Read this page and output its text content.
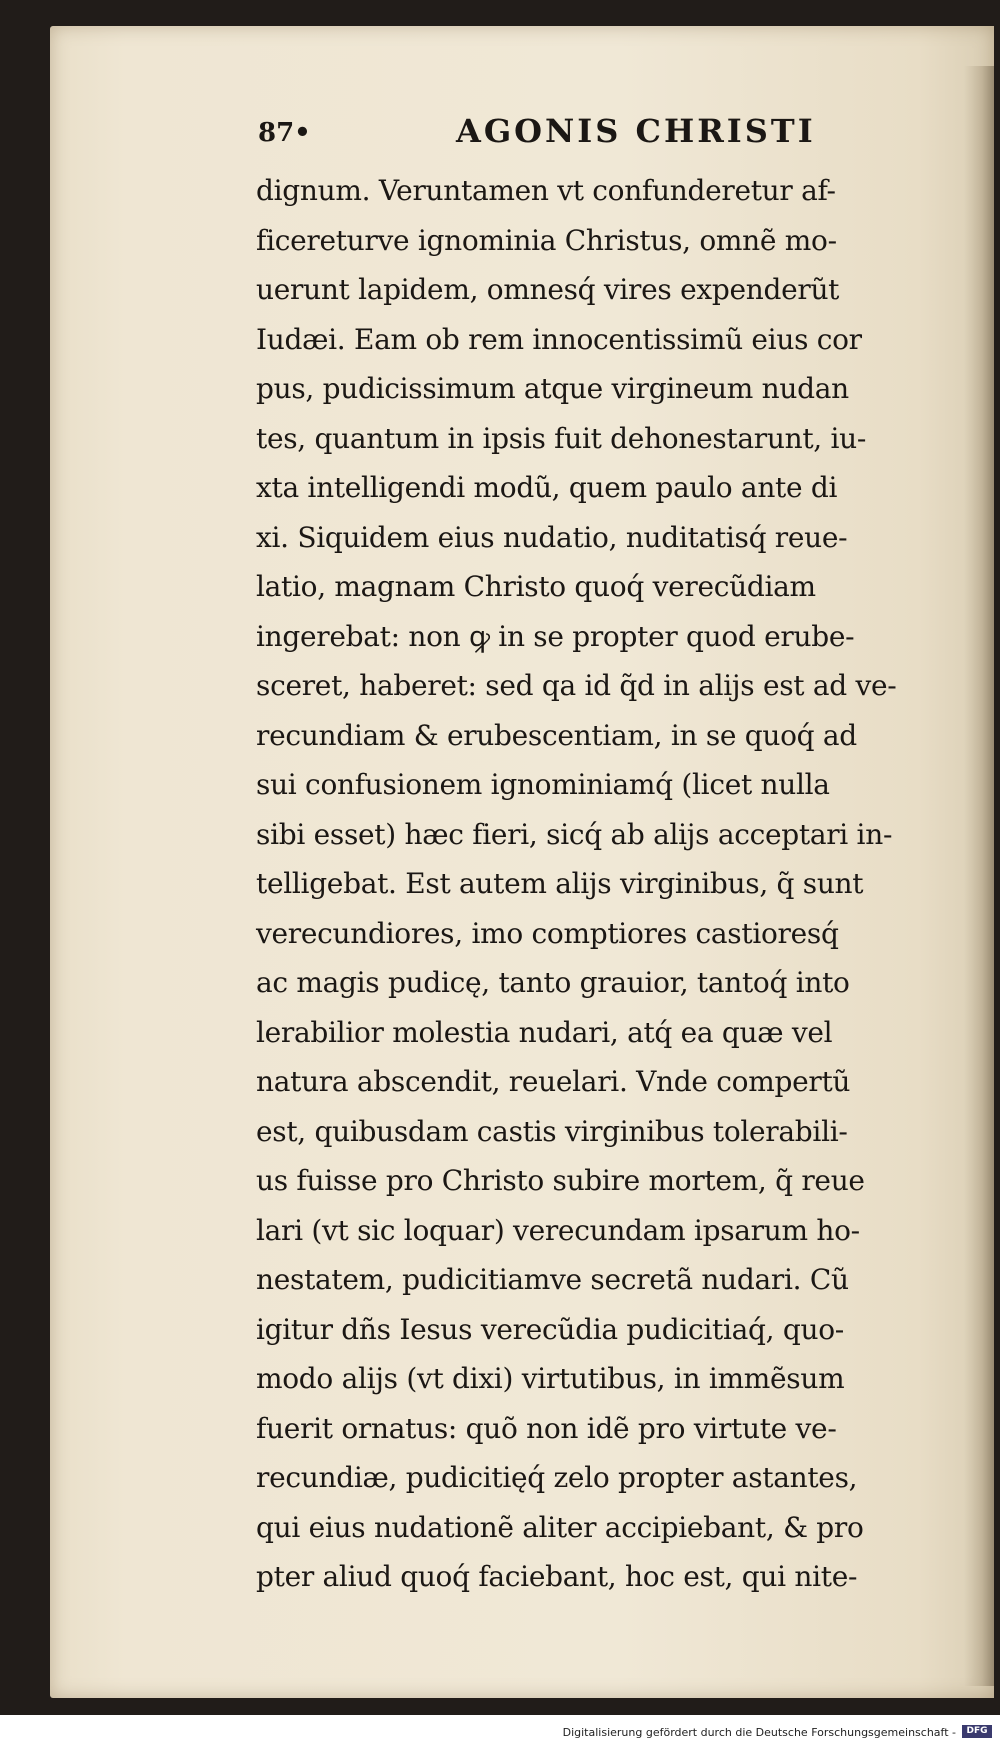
87•	AGONIS CHRISTI
dignum. Veruntamen vt confunderetur af-
ficereturve ignominia Christus, omnẽ mo-
uerunt lapidem, omnesq́ vires expenderũt
Iudæi. Eam ob rem innocentissimũ eius cor
pus, pudicissimum atque virgineum nudan
tes, quantum in ipsis fuit dehonestarunt, iu-
xta intelligendi modũ, quem paulo ante di
xi. Siquidem eius nudatio, nuditatisq́ reue-
latio, magnam Christo quoq́ verecũdiam
ingerebat: non ꝙ in se propter quod erube-
sceret, haberet: sed qa id q̃d in alijs est ad ve-
recundiam & erubescentiam, in se quoq́ ad
sui confusionem ignominiamq́ (licet nulla
sibi esset) hæc fieri, sicq́ ab alijs acceptari in-
telligebat. Est autem alijs virginibus, q̃ sunt
verecundiores, imo comptiores castioresq́
ac magis pudicę, tanto grauior, tantoq́ into
lerabilior molestia nudari, atq́ ea quæ vel
natura abscendit, reuelari. Vnde compertũ
est, quibusdam castis virginibus tolerabili-
us fuisse pro Christo subire mortem, q̃ reue
lari (vt sic loquar) verecundam ipsarum ho-
nestatem, pudicitiamve secretã nudari. Cũ
igitur dñs Iesus verecũdia pudicitiaq́, quo-
modo alijs (vt dixi) virtutibus, in immẽsum
fuerit ornatus: quõ non idẽ pro virtute ve-
recundiæ, pudicitięq́ zelo propter astantes,
qui eius nudationẽ aliter accipiebant, & pro
pter aliud quoq́ faciebant, hoc est, qui nite-
Digitalisierung gefördert durch die Deutsche Forschungsgemeinschaft -	DFG
